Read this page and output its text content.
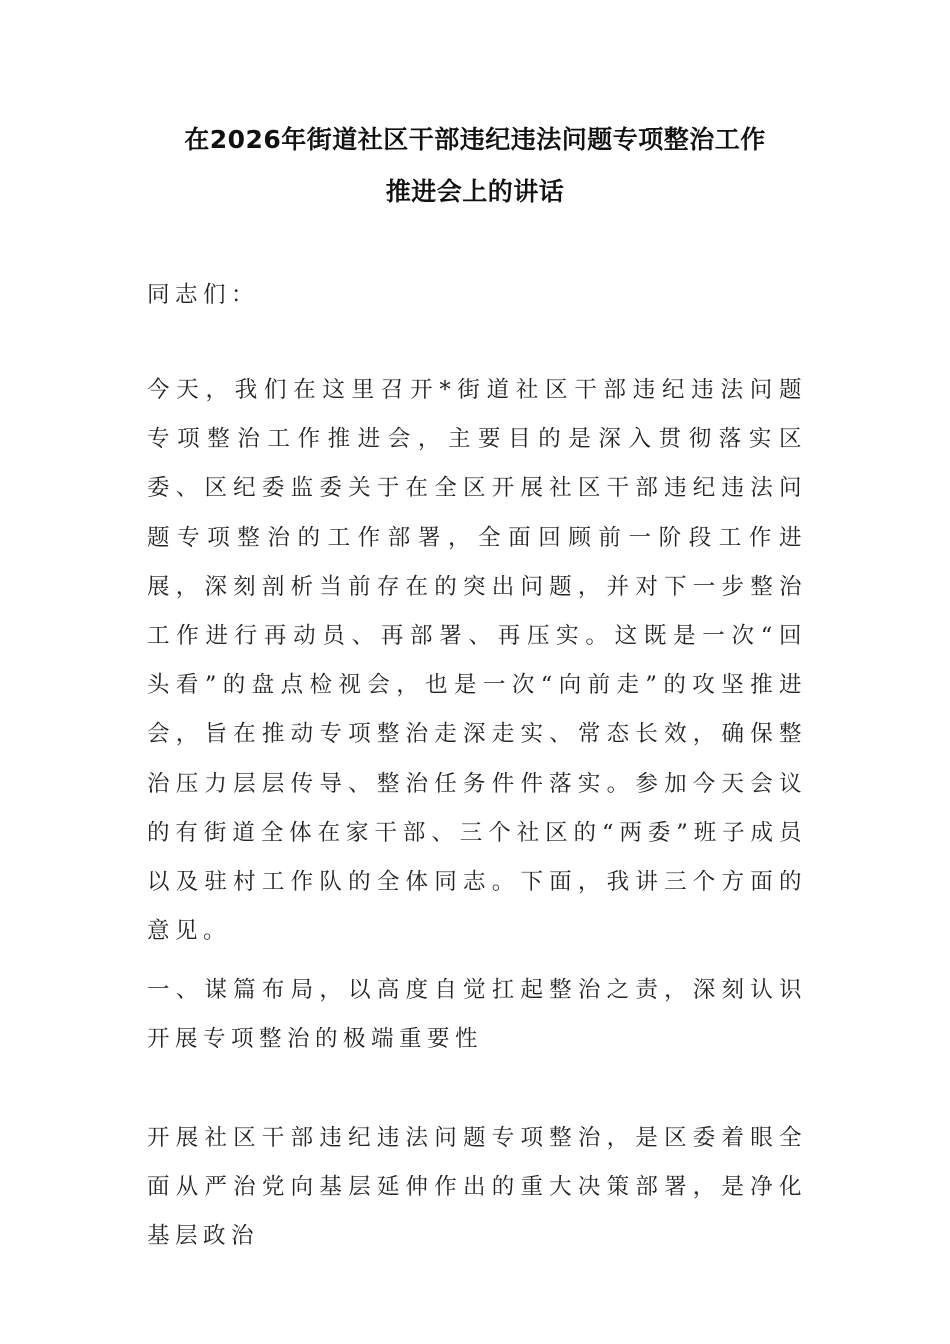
在2026年街道社区干部违纪违法问题专项整治工作
推进会上的讲话

同志们：

今天，我们在这里召开*街道社区干部违纪违法问题专项整治工作推进会，主要目的是深入贯彻落实区委、区纪委监委关于在全区开展社区干部违纪违法问题专项整治的工作部署，全面回顾前一阶段工作进展，深刻剖析当前存在的突出问题，并对下一步整治工作进行再动员、再部署、再压实。这既是一次“回头看”的盘点检视会，也是一次“向前走”的攻坚推进会，旨在推动专项整治走深走实、常态长效，确保整治压力层层传导、整治任务件件落实。参加今天会议的有街道全体在家干部、三个社区的“两委”班子成员以及驻村工作队的全体同志。下面，我讲三个方面的意见。

一、谋篇布局，以高度自觉扛起整治之责，深刻认识开展专项整治的极端重要性

开展社区干部违纪违法问题专项整治，是区委着眼全面从严治党向基层延伸作出的重大决策部署，是净化基层政治
